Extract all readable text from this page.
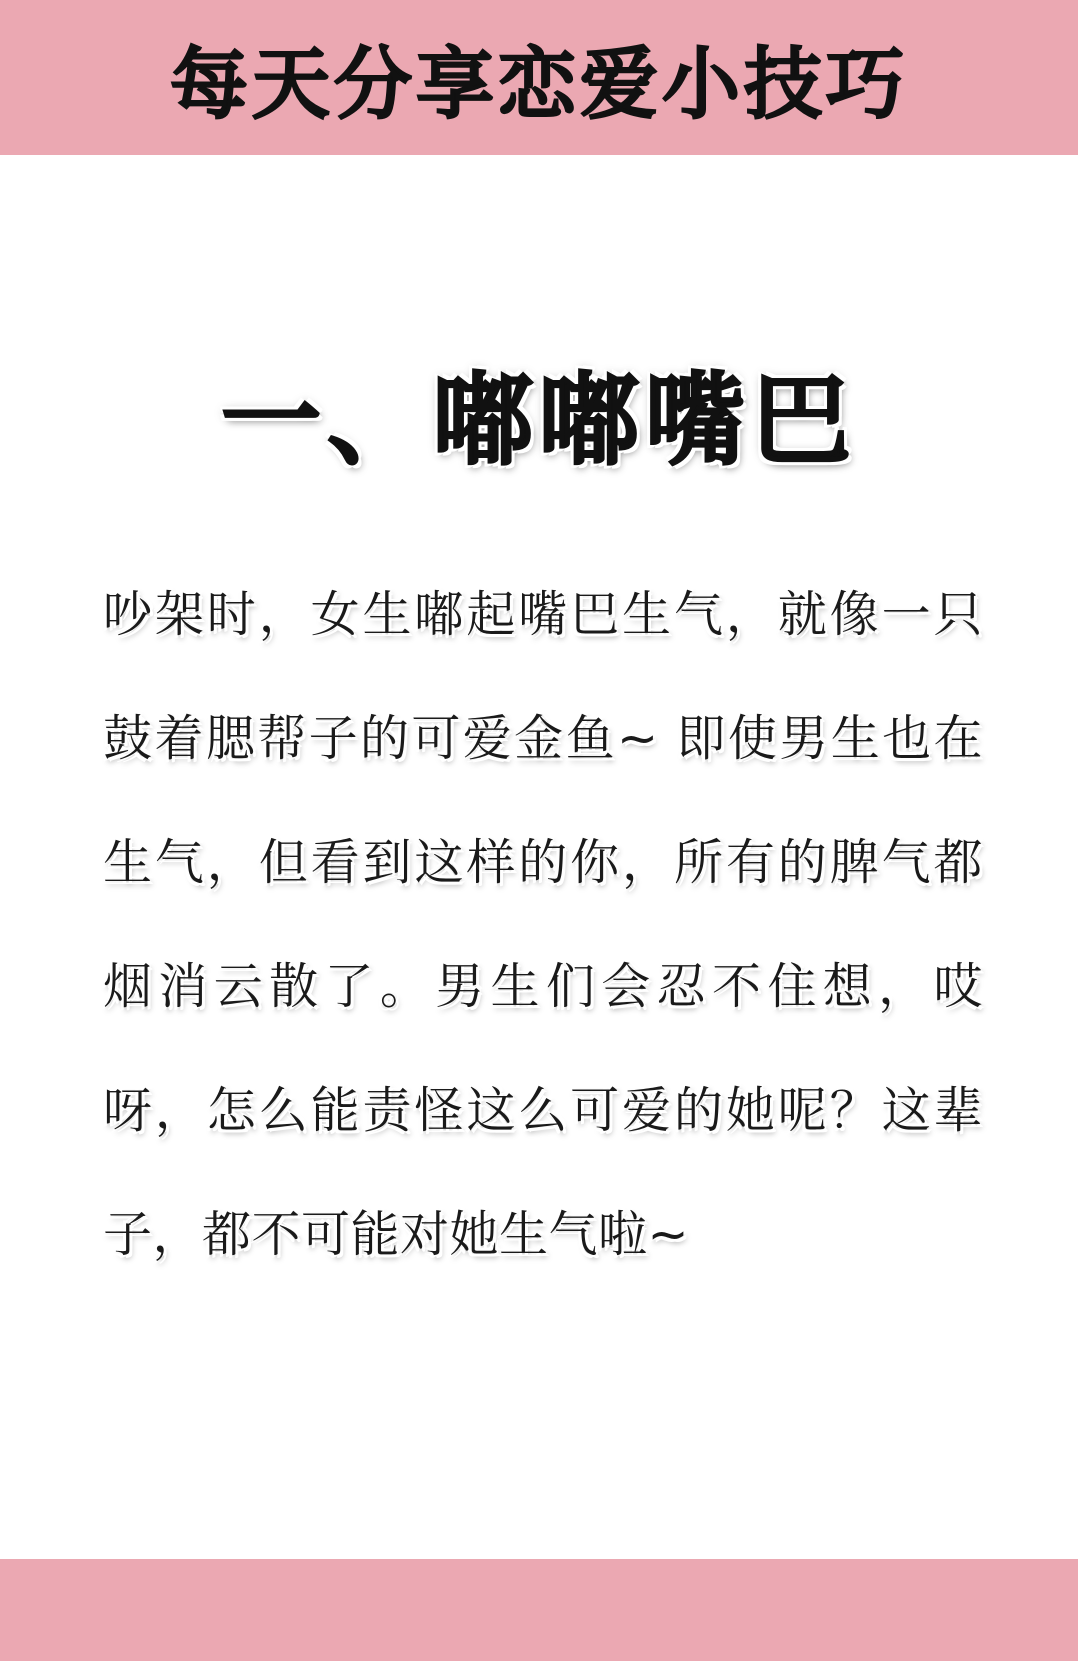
每天分享恋爱小技巧
一、嘟嘟嘴巴
吵架时，女生嘟起嘴巴生气，就像一只鼓着腮帮子的可爱金鱼~ 即使男生也在生气，但看到这样的你，所有的脾气都烟消云散了。男生们会忍不住想，哎呀，怎么能责怪这么可爱的她呢？这辈子，都不可能对她生气啦~
